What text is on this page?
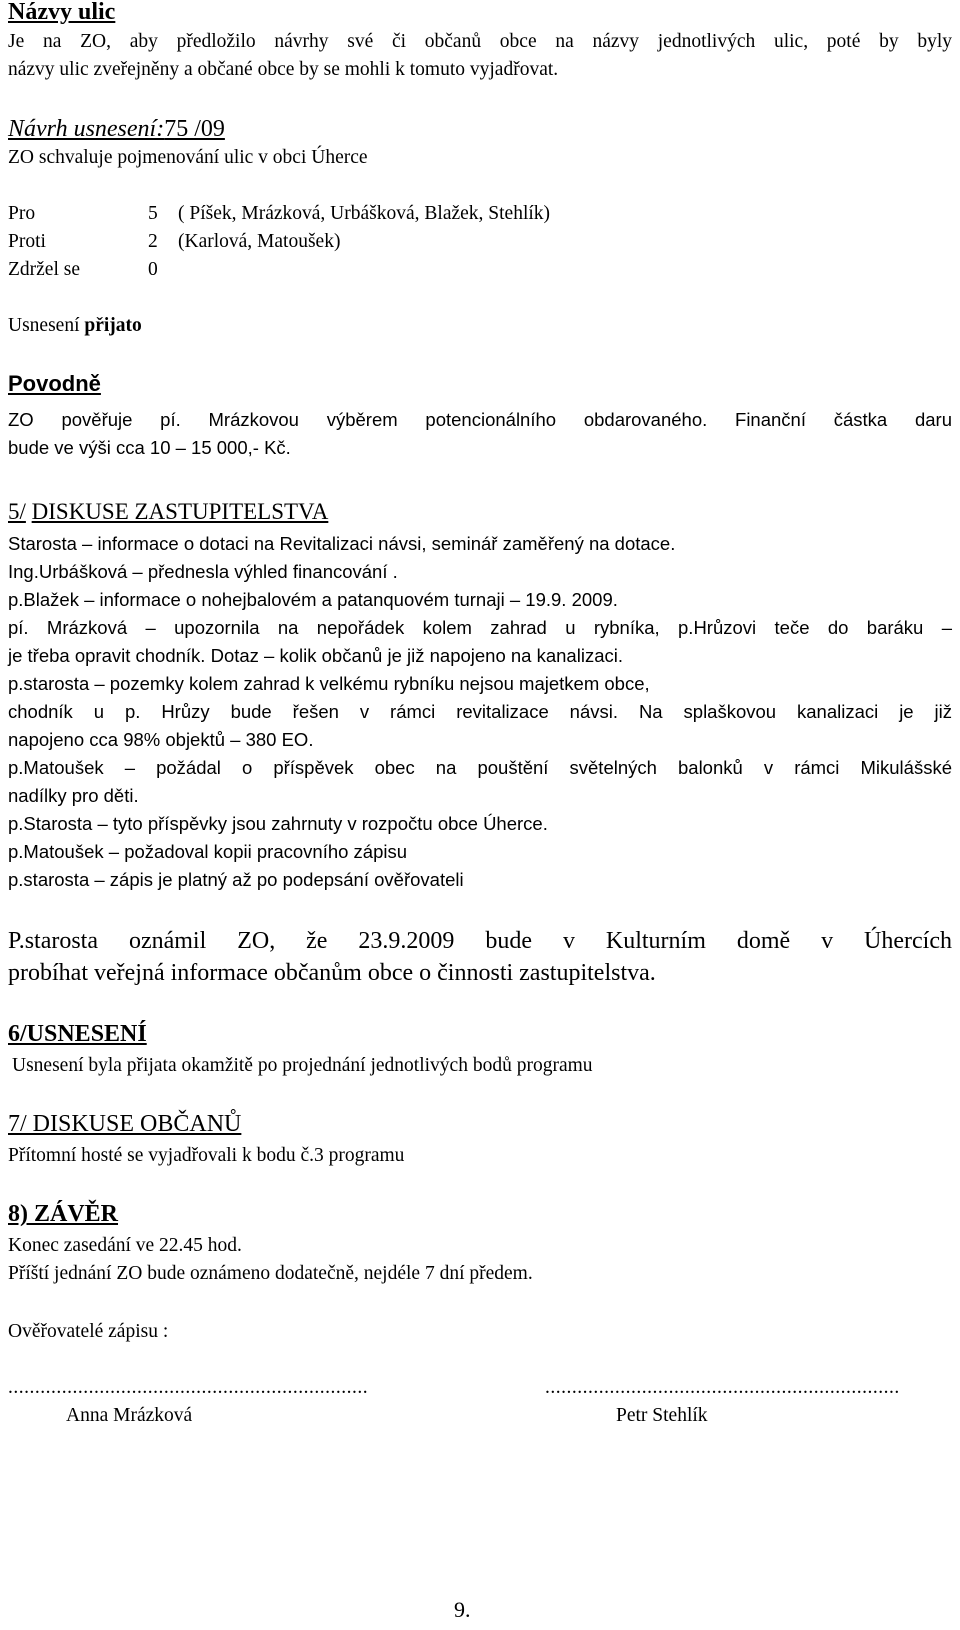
Názvy ulic
Je na ZO, aby předložilo návrhy své či občanů obce na názvy jednotlivých ulic, poté by byly
názvy ulic zveřejněny a občané obce by se mohli k tomuto vyjadřovat.
Návrh usnesení:75 /09
ZO schvaluje pojmenování ulic v obci Úherce
Pro	5 ( Píšek, Mrázková, Urbášková, Blažek, Stehlík)
Proti	2 (Karlová, Matoušek)
Zdržel se	0
Usnesení přijato
Povodně
ZO pověřuje pí. Mrázkovou výběrem potencionálního obdarovaného. Finanční částka daru
bude ve výši cca 10 – 15 000,- Kč.
5/ DISKUSE ZASTUPITELSTVA
Starosta – informace o dotaci na Revitalizaci návsi, seminář zaměřený na dotace.
Ing.Urbášková – přednesla výhled financování .
p.Blažek – informace o nohejbalovém a patanquovém turnaji – 19.9. 2009.
pí. Mrázková – upozornila na nepořádek kolem zahrad u rybníka, p.Hrůzovi teče do baráku –
je třeba opravit chodník. Dotaz – kolik občanů je již napojeno na kanalizaci.
p.starosta – pozemky kolem zahrad k velkému rybníku nejsou majetkem obce,
chodník u p. Hrůzy bude řešen v rámci revitalizace návsi. Na splaškovou kanalizaci je již
napojeno cca 98% objektů – 380 EO.
p.Matoušek – požádal o příspěvek obec na pouštění světelných balonků v rámci Mikulášské
nadílky pro děti.
p.Starosta – tyto příspěvky jsou zahrnuty v rozpočtu obce Úherce.
p.Matoušek – požadoval kopii pracovního zápisu
p.starosta – zápis je platný až po podepsání ověřovateli
P.starosta oznámil ZO, že 23.9.2009 bude v Kulturním domě v Úhercích
probíhat veřejná informace občanům obce o činnosti zastupitelstva.
6/USNESENÍ
Usnesení byla přijata okamžitě po projednání jednotlivých bodů programu
7/ DISKUSE OBČANŮ
Přítomní hosté se vyjadřovali k bodu č.3 programu
8) ZÁVĚR
Konec zasedání ve 22.45 hod.
Příští jednání ZO bude oznámeno dodatečně, nejdéle 7 dní předem.
Ověřovatelé zápisu :
...................................................................	..................................................................
Anna Mrázková	Petr Stehlík
9.
